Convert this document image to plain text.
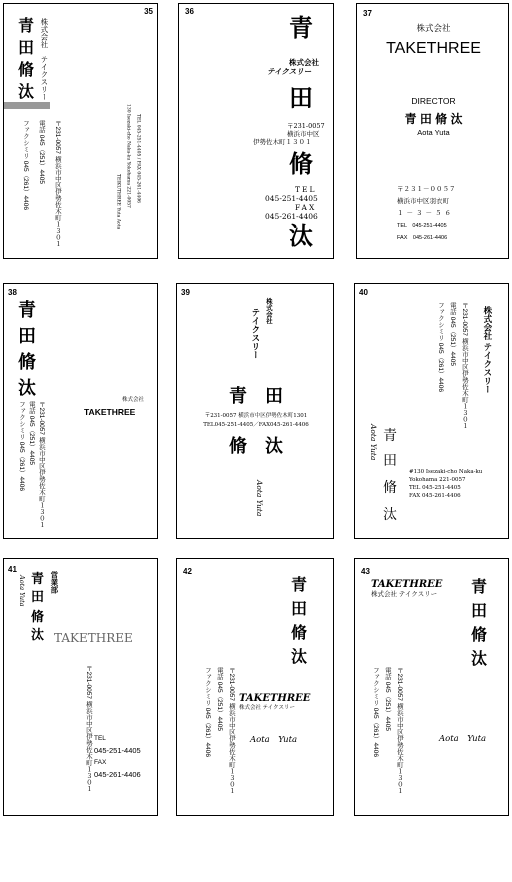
35
青
田
脩
汰 株式会社　テイクスリー
〒231-0057 横浜市中区伊勢佐木町１３０１
電話 045（251）4405
ファクシミリ 045（261）4406	TEIKUTHREE Yuta Aota 130 Isezaki-cho Naka-ku Yokohama 221-0057 TEL 045-251-4405 / FAX 045-261-4406
36
青
株式会社
テイクスリー
田
〒231-0057
横浜市中区
伊勢佐木町１３０１
脩
TEL
045-251-4405
FAX
045-261-4406
汰
37
株式会社
TAKETHREE
DIRECTOR
青 田 脩 汰
Aota Yuta
〒２３１－００５７
横浜市中区羽衣町
１－３－５６
TEL　045-251-4405
FAX　045-261-4406
38
青
田
脩
汰
株式会社
TAKETHREE
〒231-0057 横浜市中区伊勢佐木町１３０１
電話 045（251）4405
ファクシミリ 045（261）4406
39
株式会社
テイクスリー
青　田
〒231-0057 横浜市中区伊勢佐木町1301
TEL045-251-4405／FAX045-261-4406
脩　汰
Aota Yuta
40
株式会社 テイクスリー
〒231-0057 横浜市中区伊勢佐木町１３０１
電話 045（251）4405
ファクシミリ 045（261）4406
Aota Yuta 青
田
脩
汰
#130 Isezaki-cho Naka-ku
Yokohama 221-0057
TEL 045-251-4405
FAX 045-261-4406
41
営業部
Aota Yuta 青
田
脩
汰 TAKETHREE
〒231-0057 横浜市中区伊勢佐木町１３０１ TEL
045-251-4405
FAX
045-261-4406
42
青
田
脩
汰
〒231-0057 横浜市中区伊勢佐木町１３０１
電話 045（251）4405
ファクシミリ 045（261）4406	TAKETHREE
株式会社 テイクスリー
Aota　Yuta
43
TAKETHREE
株式会社 テイクスリー 青
田
脩
汰
〒231-0057 横浜市中区伊勢佐木町１３０１
電話 045（251）4405
ファクシミリ 045（261）4406	Aota　Yuta
